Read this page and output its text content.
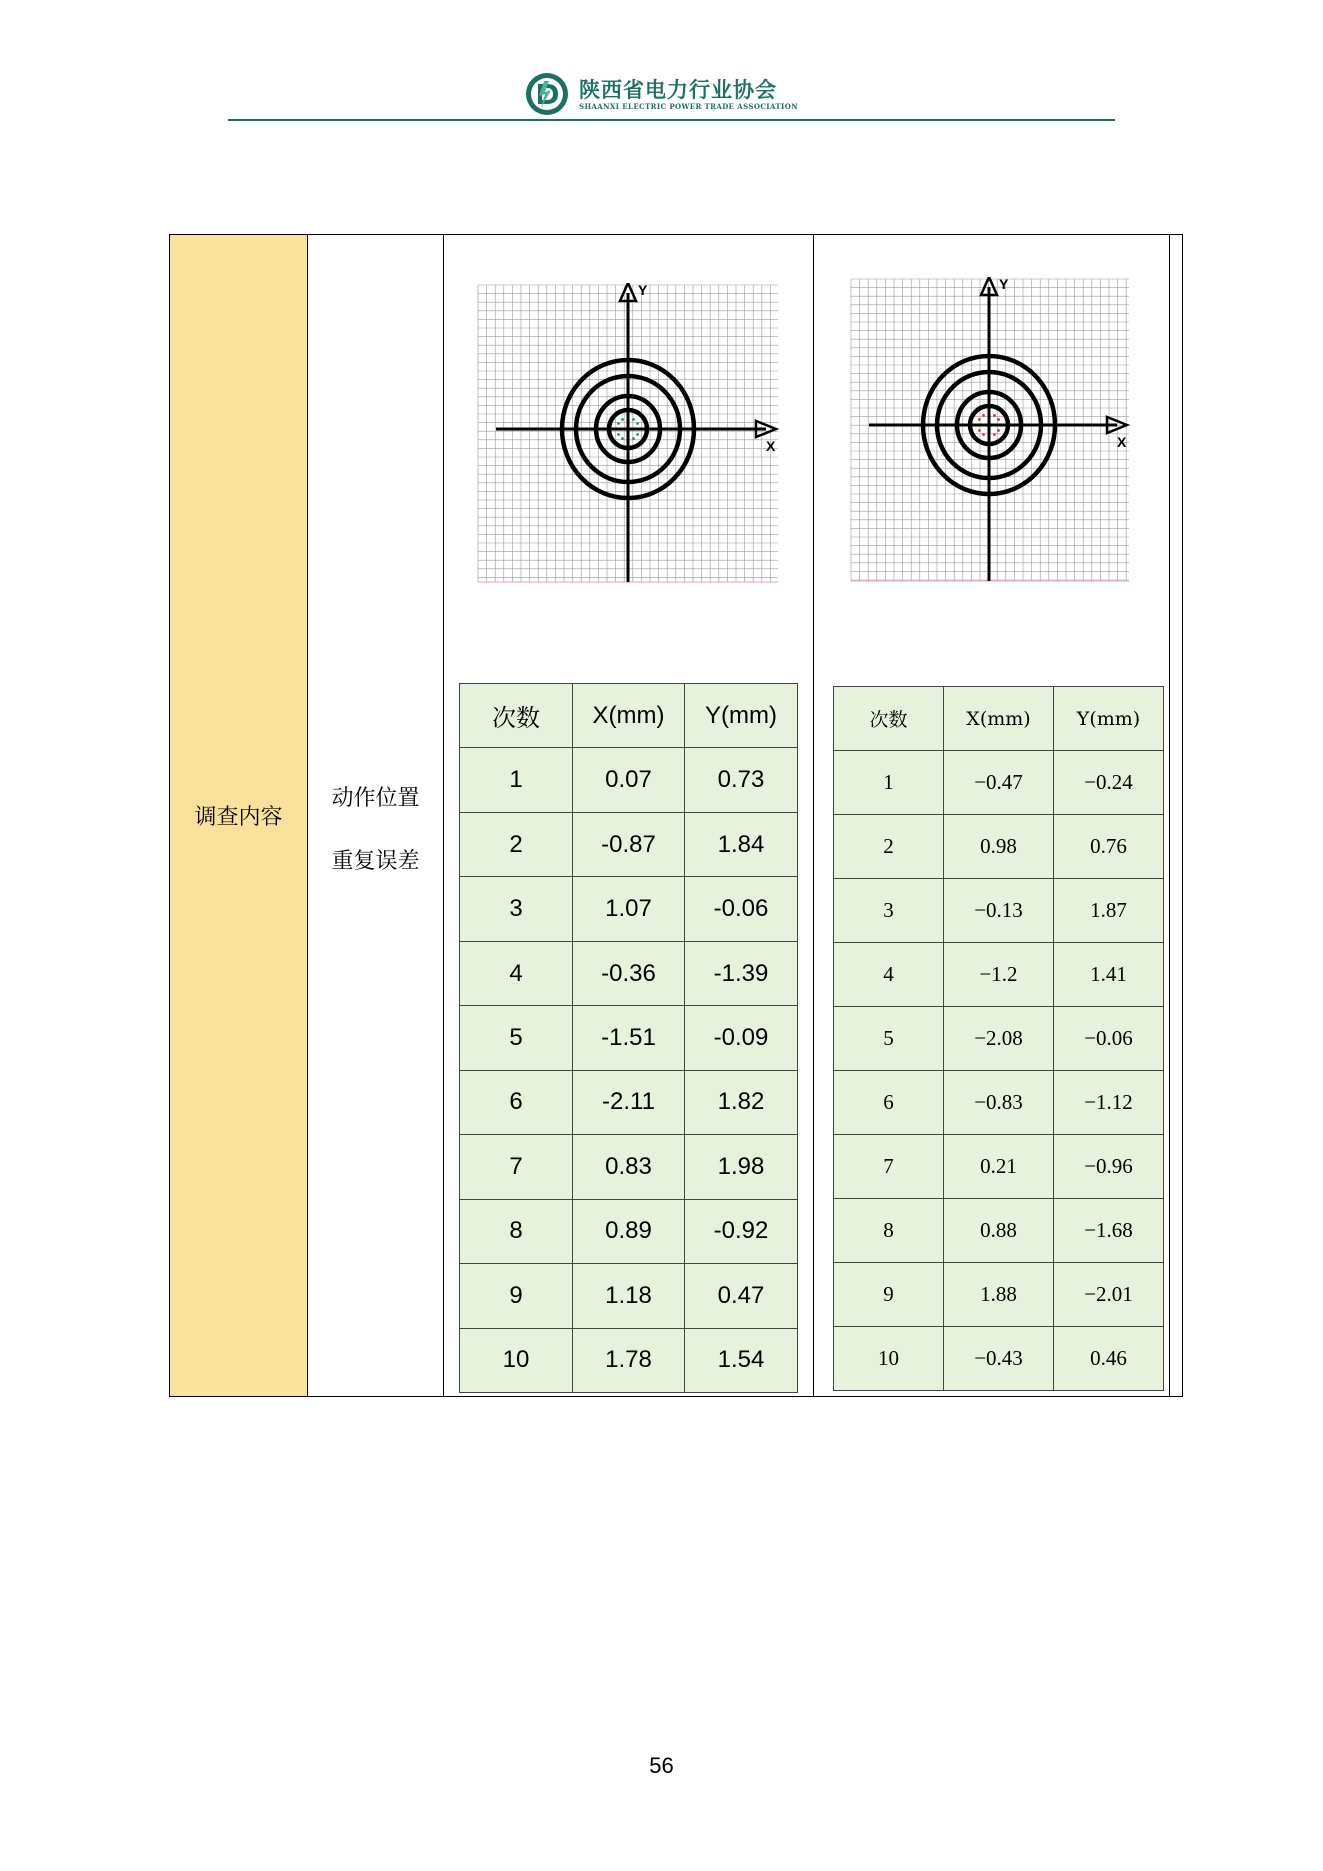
陕西省电力行业协会
SHAANXI ELECTRIC POWER TRADE ASSOCIATION
调查内容
动作位置
重复误差
Y
X
次数	X(mm)	Y(mm)
1	0.07	0.73
2	-0.87	1.84
3	1.07	-0.06
4	-0.36	-1.39
5	-1.51	-0.09
6	-2.11	1.82
7	0.83	1.98
8	0.89	-0.92
9	1.18	0.47
10	1.78	1.54
Y
X
次数	X(mm)	Y(mm)
1	−0.47	−0.24
2	0.98	0.76
3	−0.13	1.87
4	−1.2	1.41
5	−2.08	−0.06
6	−0.83	−1.12
7	0.21	−0.96
8	0.88	−1.68
9	1.88	−2.01
10	−0.43	0.46
56
